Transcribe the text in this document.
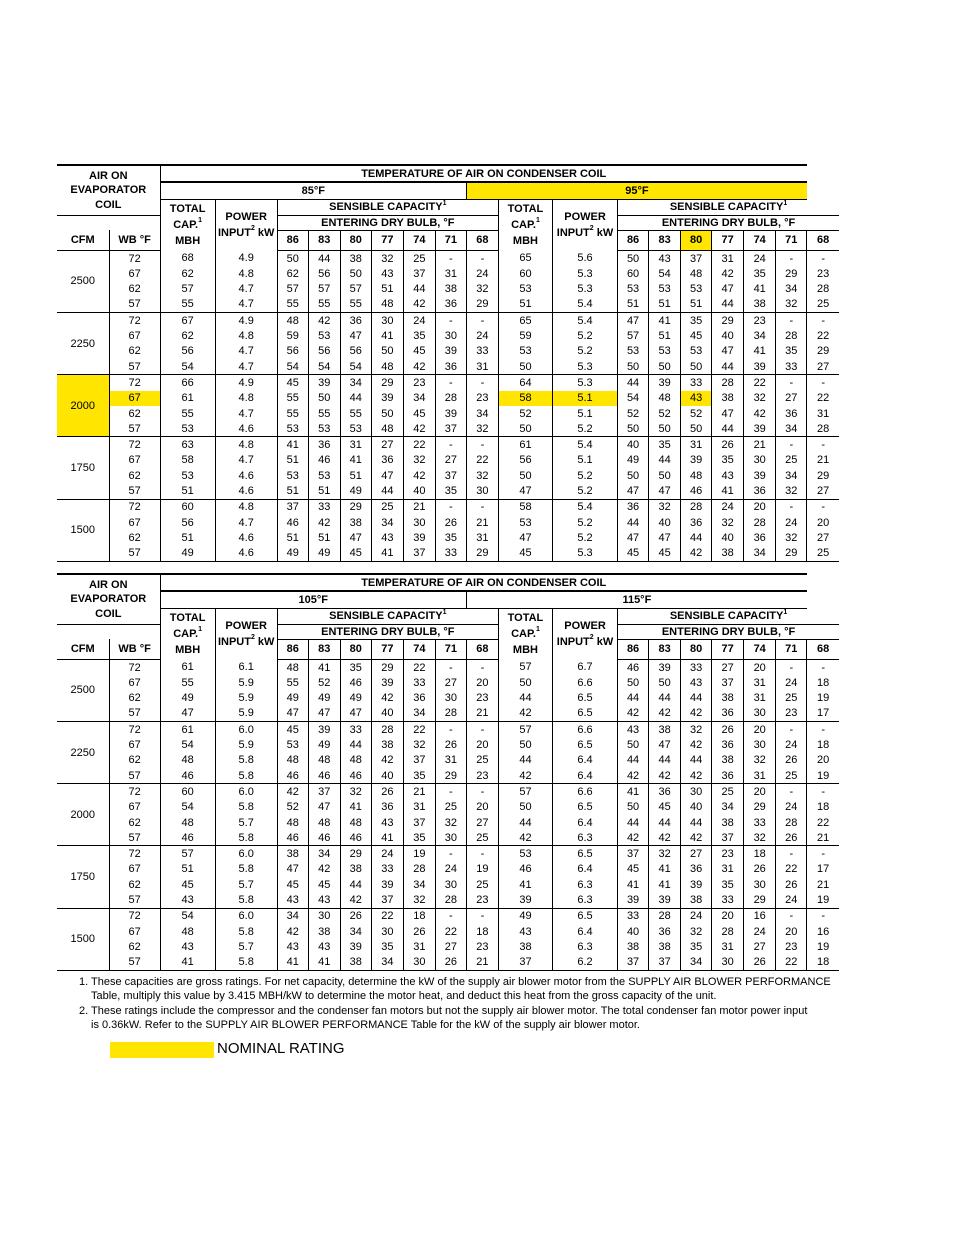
AIR ON
EVAPORATOR
COIL		TEMPERATURE OF AIR ON CONDENSER COIL																	
		85°F								95°F									
		TOTAL
CAP.$^1$
MBH	POWER
INPUT$^2$ kW	SENSIBLE CAPACITY$^1$							TOTAL
CAP.$^1$
MBH	POWER
INPUT$^2$ kW	SENSIBLE CAPACITY$^1$
				ENTERING DRY BULB, °F									ENTERING DRY BULB, °F						
CFM	WB °F			86	83	80	77	74	71	68			86	83	80	77	74	71	68
2500	72	68	4.9	50	44	38	32	25	-	-	65	5.6	50	43	37	31	24	-	-
	67	62	4.8	62	56	50	43	37	31	24	60	5.3	60	54	48	42	35	29	23
	62	57	4.7	57	57	57	51	44	38	32	53	5.3	53	53	53	47	41	34	28
	57	55	4.7	55	55	55	48	42	36	29	51	5.4	51	51	51	44	38	32	25
2250	72	67	4.9	48	42	36	30	24	-	-	65	5.4	47	41	35	29	23	-	-
	67	62	4.8	59	53	47	41	35	30	24	59	5.2	57	51	45	40	34	28	22
	62	56	4.7	56	56	56	50	45	39	33	53	5.2	53	53	53	47	41	35	29
	57	54	4.7	54	54	54	48	42	36	31	50	5.3	50	50	50	44	39	33	27
2000	72	66	4.9	45	39	34	29	23	-	-	64	5.3	44	39	33	28	22	-	-
	67	61	4.8	55	50	44	39	34	28	23	58	5.1	54	48	43	38	32	27	22
	62	55	4.7	55	55	55	50	45	39	34	52	5.1	52	52	52	47	42	36	31
	57	53	4.6	53	53	53	48	42	37	32	50	5.2	50	50	50	44	39	34	28
1750	72	63	4.8	41	36	31	27	22	-	-	61	5.4	40	35	31	26	21	-	-
	67	58	4.7	51	46	41	36	32	27	22	56	5.1	49	44	39	35	30	25	21
	62	53	4.6	53	53	51	47	42	37	32	50	5.2	50	50	48	43	39	34	29
	57	51	4.6	51	51	49	44	40	35	30	47	5.2	47	47	46	41	36	32	27
1500	72	60	4.8	37	33	29	25	21	-	-	58	5.4	36	32	28	24	20	-	-
	67	56	4.7	46	42	38	34	30	26	21	53	5.2	44	40	36	32	28	24	20
	62	51	4.6	51	51	47	43	39	35	31	47	5.2	47	47	44	40	36	32	27
	57	49	4.6	49	49	45	41	37	33	29	45	5.3	45	45	42	38	34	29	25
AIR ON
EVAPORATOR
COIL		TEMPERATURE OF AIR ON CONDENSER COIL																	
		105°F								115°F									
		TOTAL
CAP.$^1$
MBH	POWER
INPUT$^2$ kW	SENSIBLE CAPACITY$^1$							TOTAL
CAP.$^1$
MBH	POWER
INPUT$^2$ kW	SENSIBLE CAPACITY$^1$
				ENTERING DRY BULB, °F									ENTERING DRY BULB, °F						
CFM	WB °F			86	83	80	77	74	71	68			86	83	80	77	74	71	68
2500	72	61	6.1	48	41	35	29	22	-	-	57	6.7	46	39	33	27	20	-	-
	67	55	5.9	55	52	46	39	33	27	20	50	6.6	50	50	43	37	31	24	18
	62	49	5.9	49	49	49	42	36	30	23	44	6.5	44	44	44	38	31	25	19
	57	47	5.9	47	47	47	40	34	28	21	42	6.5	42	42	42	36	30	23	17
2250	72	61	6.0	45	39	33	28	22	-	-	57	6.6	43	38	32	26	20	-	-
	67	54	5.9	53	49	44	38	32	26	20	50	6.5	50	47	42	36	30	24	18
	62	48	5.8	48	48	48	42	37	31	25	44	6.4	44	44	44	38	32	26	20
	57	46	5.8	46	46	46	40	35	29	23	42	6.4	42	42	42	36	31	25	19
2000	72	60	6.0	42	37	32	26	21	-	-	57	6.6	41	36	30	25	20	-	-
	67	54	5.8	52	47	41	36	31	25	20	50	6.5	50	45	40	34	29	24	18
	62	48	5.7	48	48	48	43	37	32	27	44	6.4	44	44	44	38	33	28	22
	57	46	5.8	46	46	46	41	35	30	25	42	6.3	42	42	42	37	32	26	21
1750	72	57	6.0	38	34	29	24	19	-	-	53	6.5	37	32	27	23	18	-	-
	67	51	5.8	47	42	38	33	28	24	19	46	6.4	45	41	36	31	26	22	17
	62	45	5.7	45	45	44	39	34	30	25	41	6.3	41	41	39	35	30	26	21
	57	43	5.8	43	43	42	37	32	28	23	39	6.3	39	39	38	33	29	24	19
1500	72	54	6.0	34	30	26	22	18	-	-	49	6.5	33	28	24	20	16	-	-
	67	48	5.8	42	38	34	30	26	22	18	43	6.4	40	36	32	28	24	20	16
	62	43	5.7	43	43	39	35	31	27	23	38	6.3	38	38	35	31	27	23	19
	57	41	5.8	41	41	38	34	30	26	21	37	6.2	37	37	34	30	26	22	18

1. These capacities are gross ratings. For net capacity, determine the kW of the supply air blower motor from the SUPPLY AIR BLOWER PERFORMANCE
Table, multiply this value by 3.415 MBH/kW to determine the motor heat, and deduct this heat from the gross capacity of the unit.

2. These ratings include the compressor and the condenser fan motors but not the supply air blower motor. The total condenser fan motor power input
is 0.36kW. Refer to the SUPPLY AIR BLOWER PERFORMANCE Table for the kW of the supply air blower motor.

NOMINAL RATING
